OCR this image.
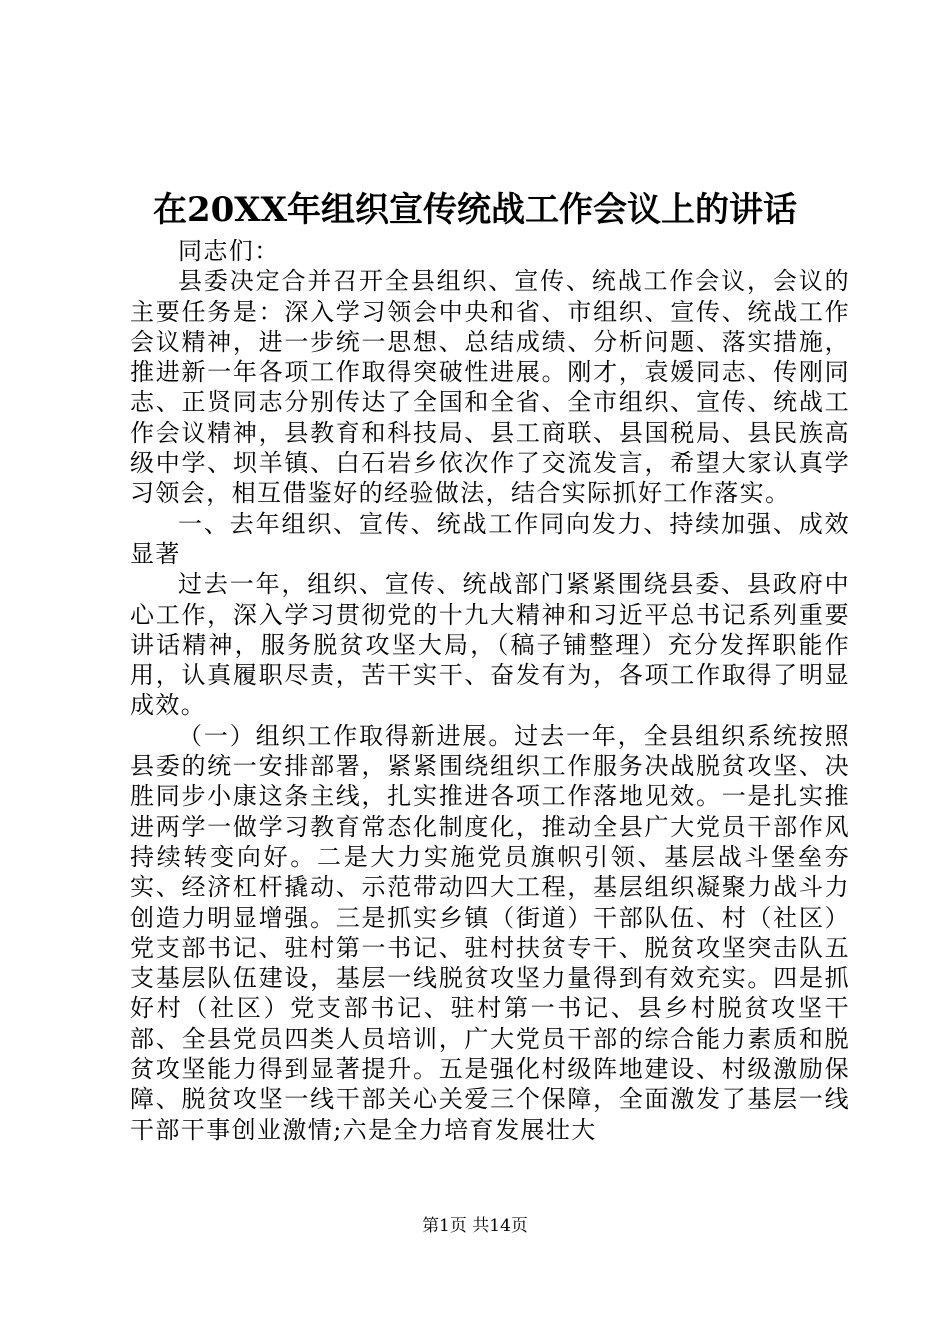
在20XX年组织宣传统战工作会议上的讲话

同志们：

县委决定合并召开全县组织、宣传、统战工作会议，会议的主要任务是：深入学习领会中央和省、市组织、宣传、统战工作会议精神，进一步统一思想、总结成绩、分析问题、落实措施，推进新一年各项工作取得突破性进展。刚才，袁媛同志、传刚同志、正贤同志分别传达了全国和全省、全市组织、宣传、统战工作会议精神，县教育和科技局、县工商联、县国税局、县民族高级中学、坝羊镇、白石岩乡依次作了交流发言，希望大家认真学习领会，相互借鉴好的经验做法，结合实际抓好工作落实。

一、去年组织、宣传、统战工作同向发力、持续加强、成效显著

过去一年，组织、宣传、统战部门紧紧围绕县委、县政府中心工作，深入学习贯彻党的十九大精神和习近平总书记系列重要讲话精神，服务脱贫攻坚大局，（稿子铺整理）充分发挥职能作用，认真履职尽责，苦干实干、奋发有为，各项工作取得了明显成效。

（一）组织工作取得新进展。过去一年，全县组织系统按照县委的统一安排部署，紧紧围绕组织工作服务决战脱贫攻坚、决胜同步小康这条主线，扎实推进各项工作落地见效。一是扎实推进两学一做学习教育常态化制度化，推动全县广大党员干部作风持续转变向好。二是大力实施党员旗帜引领、基层战斗堡垒夯实、经济杠杆撬动、示范带动四大工程，基层组织凝聚力战斗力创造力明显增强。三是抓实乡镇（街道）干部队伍、村（社区）党支部书记、驻村第一书记、驻村扶贫专干、脱贫攻坚突击队五支基层队伍建设，基层一线脱贫攻坚力量得到有效充实。四是抓好村（社区）党支部书记、驻村第一书记、县乡村脱贫攻坚干部、全县党员四类人员培训，广大党员干部的综合能力素质和脱贫攻坚能力得到显著提升。五是强化村级阵地建设、村级激励保障、脱贫攻坚一线干部关心关爱三个保障，全面激发了基层一线干部干事创业激情;六是全力培育发展壮大

第1页 共14页
